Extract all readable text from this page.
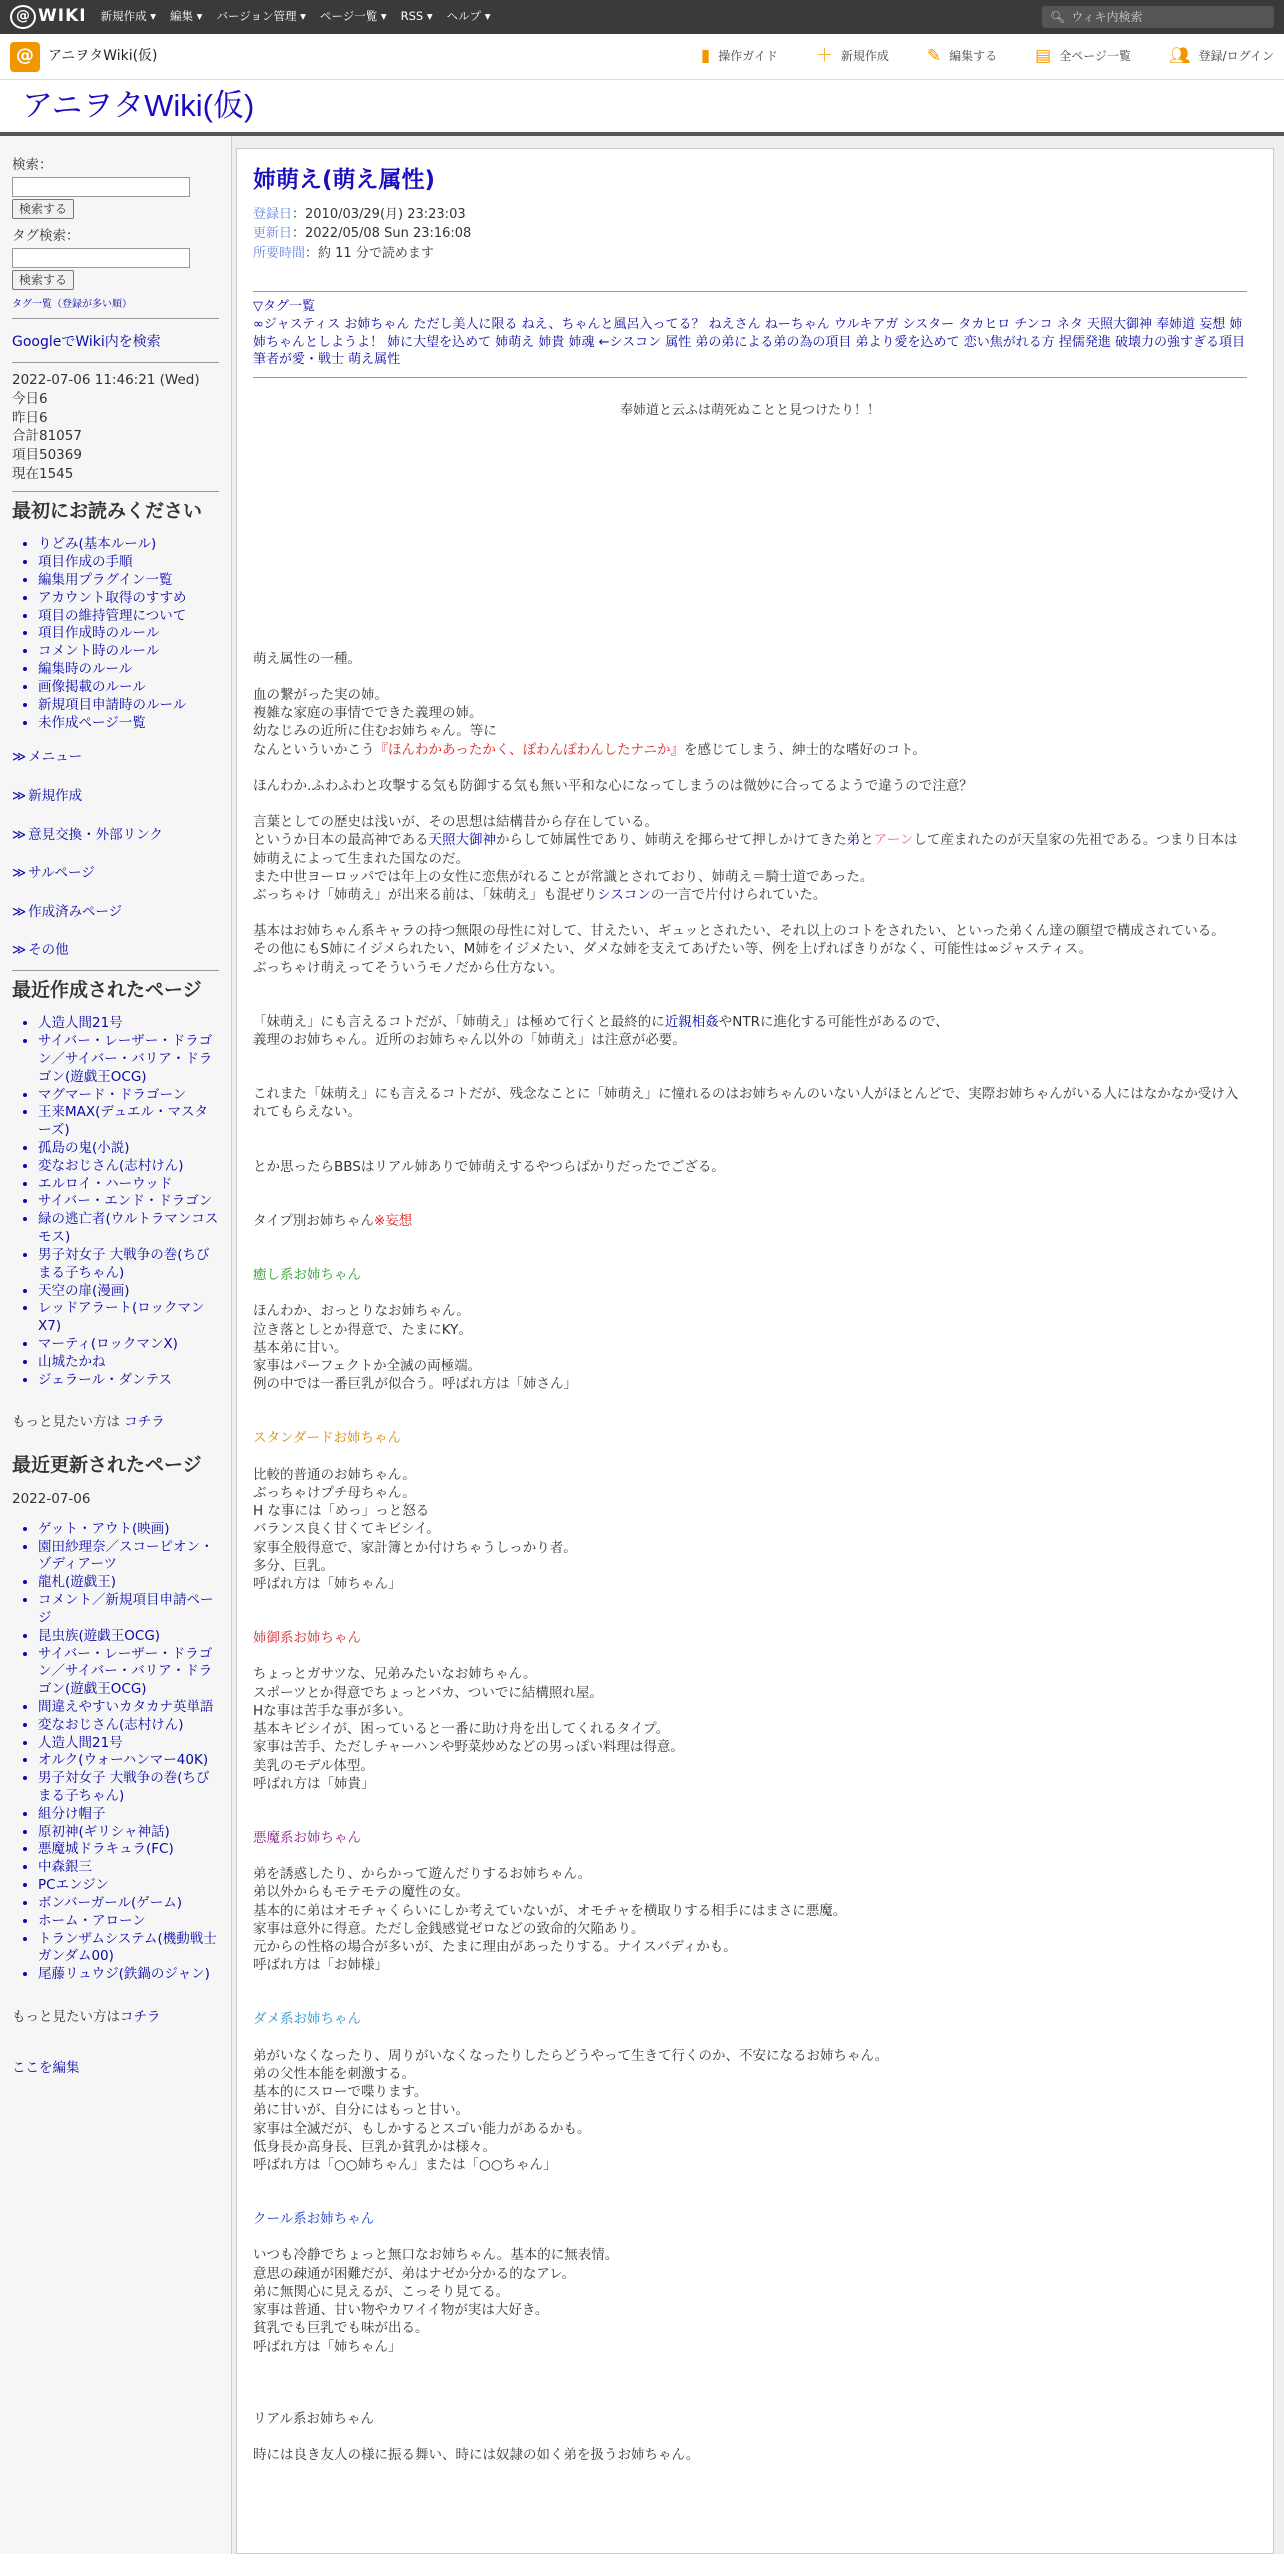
@ WIKI 新規作成 ▾ 編集 ▾ バージョン管理 ▾ ページ一覧 ▾ RSS ▾ ヘルプ ▾	🔍︎ ウィキ内検索
@	アニヲタWiki(仮)	▮ 操作ガイド ＋ 新規作成 ✎ 編集する ▤ 全ページ一覧 👥︎ 登録/ログイン
アニヲタWiki(仮)
検索：
検索する
タグ検索：
検索する
タグ一覧（登録が多い順）
GoogleでWiki内を検索
2022-07-06 11:46:21 (Wed)
今日6
昨日6
合計81057
項目50369
現在1545
最初にお読みください
• りどみ(基本ルール)
• 項目作成の手順
• 編集用プラグイン一覧
• アカウント取得のすすめ
• 項目の維持管理について
• 項目作成時のルール
• コメント時のルール
• 編集時のルール
• 画像掲載のルール
• 新規項目申請時のルール
• 未作成ページ一覧
≫ メニュー
≫ 新規作成
≫ 意見交換・外部リンク
≫ サルページ
≫ 作成済みページ
≫ その他
最近作成されたページ
• 人造人間21号
• サイバー・レーザー・ドラゴン／サイバー・バリア・ドラゴン(遊戯王OCG)
• マグマード・ドラゴーン
• 王来MAX(デュエル・マスターズ)
• 孤島の鬼(小説)
• 変なおじさん(志村けん)
• エルロイ・ハーウッド
• サイバー・エンド・ドラゴン
• 緑の逃亡者(ウルトラマンコスモス)
• 男子対女子 大戦争の巻(ちびまる子ちゃん)
• 天空の扉(漫画)
• レッドアラート(ロックマンX7)
• マーティ(ロックマンX)
• 山城たかね
• ジェラール・ダンテス
もっと見たい方は コチラ
最近更新されたページ
2022-07-06
• ゲット・アウト(映画)
• 園田紗理奈／スコーピオン・ゾディアーツ
• 龍札(遊戯王)
• コメント／新規項目申請ページ
• 昆虫族(遊戯王OCG)
• サイバー・レーザー・ドラゴン／サイバー・バリア・ドラゴン(遊戯王OCG)
• 間違えやすいカタカナ英単語
• 変なおじさん(志村けん)
• 人造人間21号
• オルク(ウォーハンマー40K)
• 男子対女子 大戦争の巻(ちびまる子ちゃん)
• 組分け帽子
• 原初神(ギリシャ神話)
• 悪魔城ドラキュラ(FC)
• 中森銀三
• PCエンジン
• ボンバーガール(ゲーム)
• ホーム・アローン
• トランザムシステム(機動戦士ガンダム00)
• 尾藤リュウジ(鉄鍋のジャン)
もっと見たい方はコチラ
ここを編集
姉萌え(萌え属性)
登録日：2010/03/29(月) 23:23:03
更新日：2022/05/08 Sun 23:16:08
所要時間：約 11 分で読めます
▽タグ一覧
∞ジャスティス お姉ちゃん ただし美人に限る ねえ、ちゃんと風呂入ってる？ ねえさん ねーちゃん ウルキアガ シスター タカヒロ チンコ ネタ 天照大御神 奉姉道 妄想 姉 姉ちゃんとしようよ！ 姉に大望を込めて 姉萌え 姉貴 姉魂 ←シスコン 属性 弟の弟による弟の為の項目 弟より愛を込めて 恋い焦がれる方 捏儒発進 破壊力の強すぎる項目 筆者が愛・戦士 萌え属性
奉姉道と云ふは萌死ぬことと見つけたり！！

萌え属性の一種。

血の繋がった実の姉。

複雑な家庭の事情でできた義理の姉。

幼なじみの近所に住むお姉ちゃん。等に

なんといういかこう『ほんわかあったかく、ぽわんぽわんしたナニか』を感じてしまう、紳士的な嗜好のコト。

ほんわか.ふわふわと攻撃する気も防御する気も無い平和な心になってしまうのは微妙に合ってるようで違うので注意？

言葉としての歴史は浅いが、その思想は結構昔から存在している。

というか日本の最高神である天照大御神からして姉属性であり、姉萌えを揶らせて押しかけてきた弟とアーンして産まれたのが天皇家の先祖である。つまり日本は姉萌えによって生まれた国なのだ。

また中世ヨーロッパでは年上の女性に恋焦がれることが常識とされており、姉萌え＝騎士道であった。

ぶっちゃけ「姉萌え」が出来る前は、「妹萌え」も混ぜりシスコンの一言で片付けられていた。

基本はお姉ちゃん系キャラの持つ無限の母性に対して、甘えたい、ギュッとされたい、それ以上のコトをされたい、といった弟くん達の願望で構成されている。

その他にもS姉にイジメられたい、M姉をイジメたい、ダメな姉を支えてあげたい等、例を上げればきりがなく、可能性は∞ジャスティス。

ぶっちゃけ萌えってそういうモノだから仕方ない。

「妹萌え」にも言えるコトだが、「姉萌え」は極めて行くと最終的に近親相姦やNTRに進化する可能性があるので、

義理のお姉ちゃん。近所のお姉ちゃん以外の「姉萌え」は注意が必要。

これまた「妹萌え」にも言えるコトだが、残念なことに「姉萌え」に憧れるのはお姉ちゃんのいない人がほとんどで、実際お姉ちゃんがいる人にはなかなか受け入れてもらえない。

とか思ったらBBSはリアル姉ありで姉萌えするやつらばかりだったでござる。

タイプ別お姉ちゃん※妄想

癒し系お姉ちゃん

ほんわか、おっとりなお姉ちゃん。

泣き落としとか得意で、たまにKY。

基本弟に甘い。

家事はパーフェクトか全滅の両極端。

例の中では一番巨乳が似合う。呼ばれ方は「姉さん」

スタンダードお姉ちゃん

比較的普通のお姉ちゃん。

ぶっちゃけプチ母ちゃん。

H な事には「めっ」っと怒る

バランス良く甘くてキビシイ。

家事全般得意で、家計簿とか付けちゃうしっかり者。

多分、巨乳。

呼ばれ方は「姉ちゃん」

姉御系お姉ちゃん

ちょっとガサツな、兄弟みたいなお姉ちゃん。

スポーツとか得意でちょっとバカ、ついでに結構照れ屋。

Hな事は苦手な事が多い。

基本キビシイが、困っていると一番に助け舟を出してくれるタイプ。

家事は苦手、ただしチャーハンや野菜炒めなどの男っぽい料理は得意。

美乳のモデル体型。

呼ばれ方は「姉貴」

悪魔系お姉ちゃん

弟を誘惑したり、からかって遊んだりするお姉ちゃん。

弟以外からもモテモテの魔性の女。

基本的に弟はオモチャくらいにしか考えていないが、オモチャを横取りする相手にはまさに悪魔。

家事は意外に得意。ただし金銭感覚ゼロなどの致命的欠陥あり。

元からの性格の場合が多いが、たまに理由があったりする。ナイスバディかも。

呼ばれ方は「お姉様」

ダメ系お姉ちゃん

弟がいなくなったり、周りがいなくなったりしたらどうやって生きて行くのか、不安になるお姉ちゃん。

弟の父性本能を刺激する。

基本的にスローで喋ります。

弟に甘いが、自分にはもっと甘い。

家事は全滅だが、もしかするとスゴい能力があるかも。

低身長か高身長、巨乳か貧乳かは様々。

呼ばれ方は「○○姉ちゃん」または「○○ちゃん」

クール系お姉ちゃん

いつも冷静でちょっと無口なお姉ちゃん。基本的に無表情。

意思の疎通が困難だが、弟はナゼか分かる的なアレ。

弟に無関心に見えるが、こっそり見てる。

家事は普通、甘い物やカワイイ物が実は大好き。

貧乳でも巨乳でも味が出る。

呼ばれ方は「姉ちゃん」

リアル系お姉ちゃん

時には良き友人の様に振る舞い、時には奴隷の如く弟を扱うお姉ちゃん。
